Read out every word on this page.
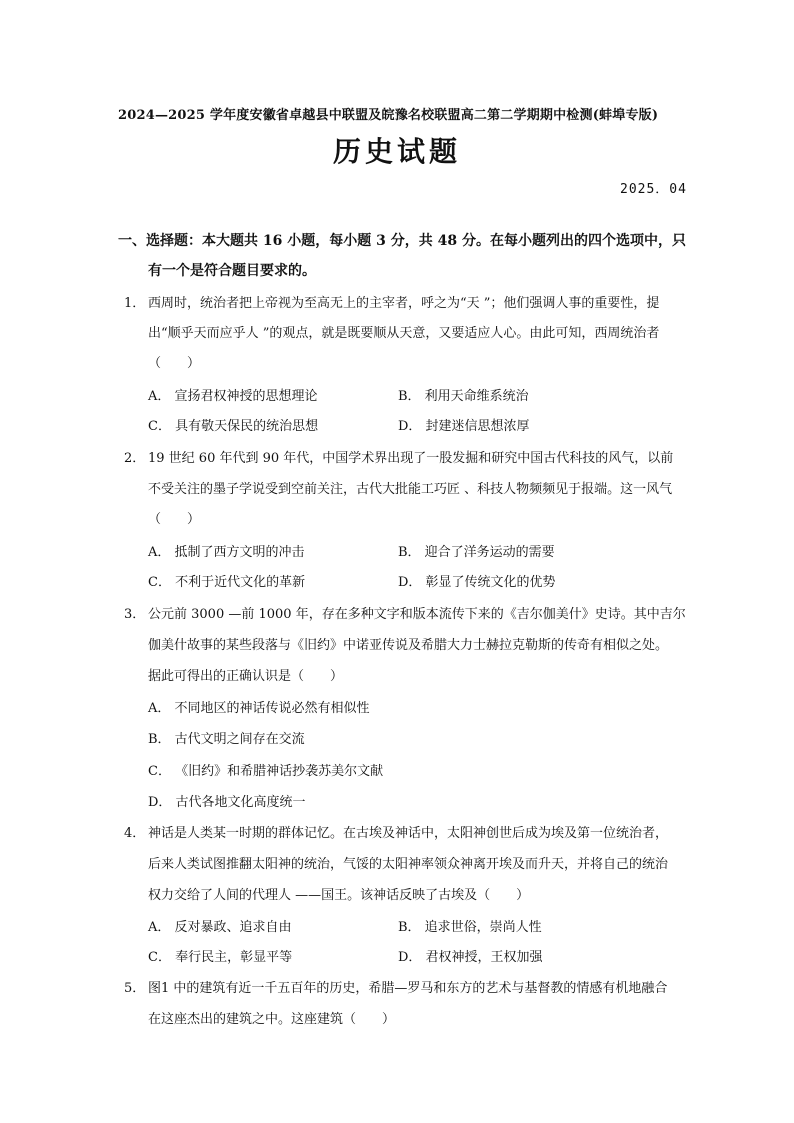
2024—2025 学年度安徽省卓越县中联盟及皖豫名校联盟高二第二学期期中检测(蚌埠专版)
历史试题
2025．04
一、选择题：本大题共 16 小题，每小题 3 分，共 48 分。在每小题列出的四个选项中，只
有一个是符合题目要求的。
1． 西周时，统治者把上帝视为至高无上的主宰者，呼之为“天 ”；他们强调人事的重要性，提
出“顺乎天而应乎人 ”的观点，就是既要顺从天意，又要适应人心。由此可知，西周统治者
（　　）
A． 宣扬君权神授的思想理论	B． 利用天命维系统治
C． 具有敬天保民的统治思想	D． 封建迷信思想浓厚
2． 19 世纪 60 年代到 90 年代，中国学术界出现了一股发掘和研究中国古代科技的风气，以前
不受关注的墨子学说受到空前关注，古代大批能工巧匠 、科技人物频频见于报端。这一风气
（　　）
A． 抵制了西方文明的冲击	B． 迎合了洋务运动的需要
C． 不利于近代文化的革新	D． 彰显了传统文化的优势
3． 公元前 3000 —前 1000 年，存在多种文字和版本流传下来的《吉尔伽美什》史诗。其中吉尔
伽美什故事的某些段落与《旧约》中诺亚传说及希腊大力士赫拉克勒斯的传奇有相似之处。
据此可得出的正确认识是（　　）
A． 不同地区的神话传说必然有相似性
B． 古代文明之间存在交流
C． 《旧约》和希腊神话抄袭苏美尔文献
D． 古代各地文化高度统一
4． 神话是人类某一时期的群体记忆。在古埃及神话中，太阳神创世后成为埃及第一位统治者，
后来人类试图推翻太阳神的统治，气馁的太阳神率领众神离开埃及而升天，并将自己的统治
权力交给了人间的代理人 ——国王。该神话反映了古埃及（　　）
A． 反对暴政、追求自由	B． 追求世俗，崇尚人性
C． 奉行民主，彰显平等	D． 君权神授，王权加强
5． 图1 中的建筑有近一千五百年的历史，希腊—罗马和东方的艺术与基督教的情感有机地融合
在这座杰出的建筑之中。这座建筑（　　）
